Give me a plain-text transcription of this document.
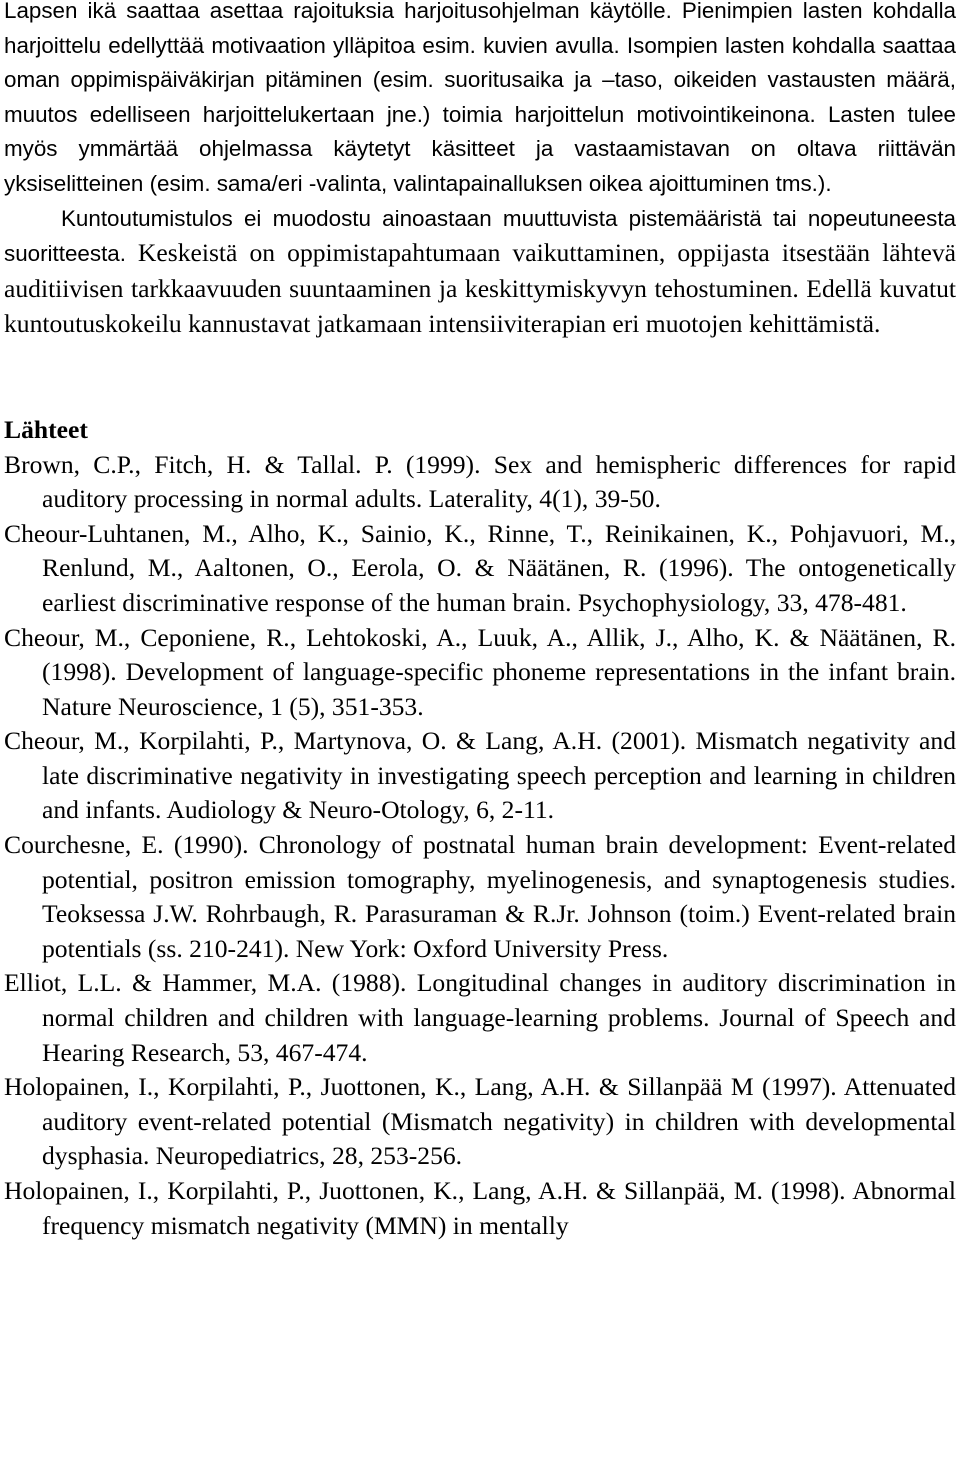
Lapsen ikä saattaa asettaa rajoituksia harjoitusohjelman käytölle. Pienimpien lasten kohdalla harjoittelu edellyttää motivaation ylläpitoa esim. kuvien avulla. Isompien lasten kohdalla saattaa oman oppimispäiväkirjan pitäminen (esim. suoritusaika ja –taso, oikeiden vastausten määrä, muutos edelliseen harjoittelukertaan jne.) toimia harjoittelun motivointikeinona. Lasten tulee myös ymmärtää ohjelmassa käytetyt käsitteet ja vastaamistavan on oltava riittävän yksiselitteinen (esim. sama/eri -valinta, valintapainalluksen oikea ajoittuminen tms.).

Kuntoutumistulos ei muodostu ainoastaan muuttuvista pistemääristä tai nopeutuneesta suoritteesta. Keskeistä on oppimistapahtumaan vaikuttaminen, oppijasta itsestään lähtevä auditiivisen tarkkaavuuden suuntaaminen ja keskittymiskyvyn tehostuminen. Edellä kuvatut kuntoutuskokeilu kannustavat jatkamaan intensiiviterapian eri muotojen kehittämistä.

Lähteet

Brown, C.P., Fitch, H. & Tallal. P. (1999). Sex and hemispheric differences for rapid auditory processing in normal adults. Laterality, 4(1), 39-50.
Cheour-Luhtanen, M., Alho, K., Sainio, K., Rinne, T., Reinikainen, K., Pohjavuori, M., Renlund, M., Aaltonen, O., Eerola, O. & Näätänen, R. (1996). The ontogenetically earliest discriminative response of the human brain. Psychophysiology, 33, 478-481.
Cheour, M., Ceponiene, R., Lehtokoski, A., Luuk, A., Allik, J., Alho, K. & Näätänen, R. (1998). Development of language-specific phoneme representations in the infant brain. Nature Neuroscience, 1 (5), 351-353.
Cheour, M., Korpilahti, P., Martynova, O. & Lang, A.H. (2001). Mismatch negativity and late discriminative negativity in investigating speech perception and learning in children and infants. Audiology & Neuro-Otology, 6, 2-11.
Courchesne, E. (1990). Chronology of postnatal human brain development: Event-related potential, positron emission tomography, myelinogenesis, and synaptogenesis studies. Teoksessa J.W. Rohrbaugh, R. Parasuraman & R.Jr. Johnson (toim.) Event-related brain potentials (ss. 210-241). New York: Oxford University Press.
Elliot, L.L. & Hammer, M.A. (1988). Longitudinal changes in auditory discrimination in normal children and children with language-learning problems. Journal of Speech and Hearing Research, 53, 467-474.
Holopainen, I., Korpilahti, P., Juottonen, K., Lang, A.H. & Sillanpää M (1997). Attenuated auditory event-related potential (Mismatch negativity) in children with developmental dysphasia. Neuropediatrics, 28, 253-256.
Holopainen, I., Korpilahti, P., Juottonen, K., Lang, A.H. & Sillanpää, M. (1998). Abnormal frequency mismatch negativity (MMN) in mentally
